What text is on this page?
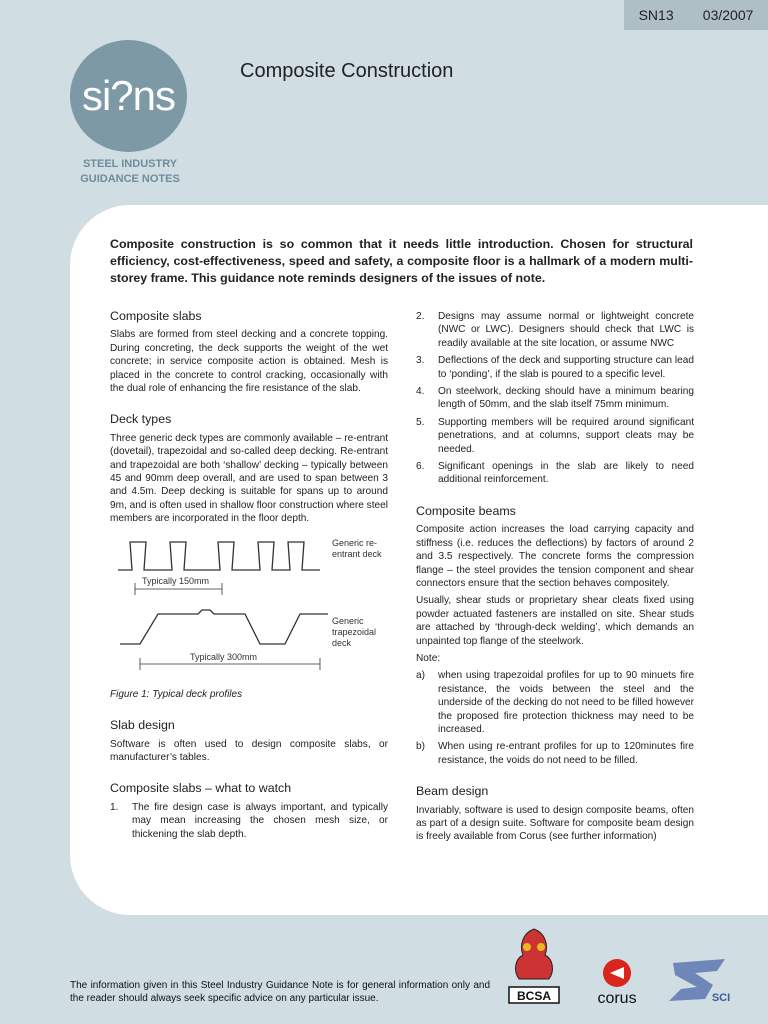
SN13 03/2007
si?ns
STEEL INDUSTRY
GUIDANCE NOTES
Composite Construction

Composite construction is so common that it needs little introduction. Chosen for structural efficiency, cost-effectiveness, speed and safety, a composite floor is a hallmark of a modern multi-storey frame. This guidance note reminds designers of the issues of note.

Composite slabs

Slabs are formed from steel decking and a concrete topping. During concreting, the deck supports the weight of the wet concrete; in service composite action is obtained. Mesh is placed in the concrete to control cracking, occasionally with the dual role of enhancing the fire resistance of the slab.

Deck types

Three generic deck types are commonly available – re-entrant (dovetail), trapezoidal and so-called deep decking. Re-entrant and trapezoidal are both ‘shallow’ decking – typically between 45 and 90mm deep overall, and are used to span between 3 and 4.5m. Deep decking is suitable for spans up to around 9m, and is often used in shallow floor construction where steel members are incorporated in the floor depth.

Generic re-entrant deck
Typically 150mm
Generic trapezoidal deck
Typically 300mm

Figure 1: Typical deck profiles

Slab design

Software is often used to design composite slabs, or manufacturer’s tables.

Composite slabs – what to watch
1.	The fire design case is always important, and typically may mean increasing the chosen mesh size, or thickening the slab depth.
2.	Designs may assume normal or lightweight concrete (NWC or LWC). Designers should check that LWC is readily available at the site location, or assume NWC
3.	Deflections of the deck and supporting structure can lead to ‘ponding’, if the slab is poured to a specific level.
4.	On steelwork, decking should have a minimum bearing length of 50mm, and the slab itself 75mm minimum.
5.	Supporting members will be required around significant penetrations, and at columns, support cleats may be needed.
6.	Significant openings in the slab are likely to need additional reinforcement.
Composite beams

Composite action increases the load carrying capacity and stiffness (i.e. reduces the deflections) by factors of around 2 and 3.5 respectively. The concrete forms the compression flange – the steel provides the tension component and shear connectors ensure that the section behaves compositely.

Usually, shear studs or proprietary shear cleats fixed using powder actuated fasteners are installed on site. Shear studs are attached by ‘through-deck welding’, which demands an unpainted top flange of the steelwork.

Note:

a)	when using trapezoidal profiles for up to 90 minuets fire resistance, the voids between the steel and the underside of the decking do not need to be filled however the proposed fire protection thickness may need to be increased.
b)	When using re-entrant profiles for up to 120minutes fire resistance, the voids do not need to be filled.
Beam design

Invariably, software is used to design composite beams, often as part of a design suite. Software for composite beam design is freely available from Corus (see further information)

The information given in this Steel Industry Guidance Note is for general information only and the reader should always seek specific advice on any particular issue.	BCSA	corus	SCI
